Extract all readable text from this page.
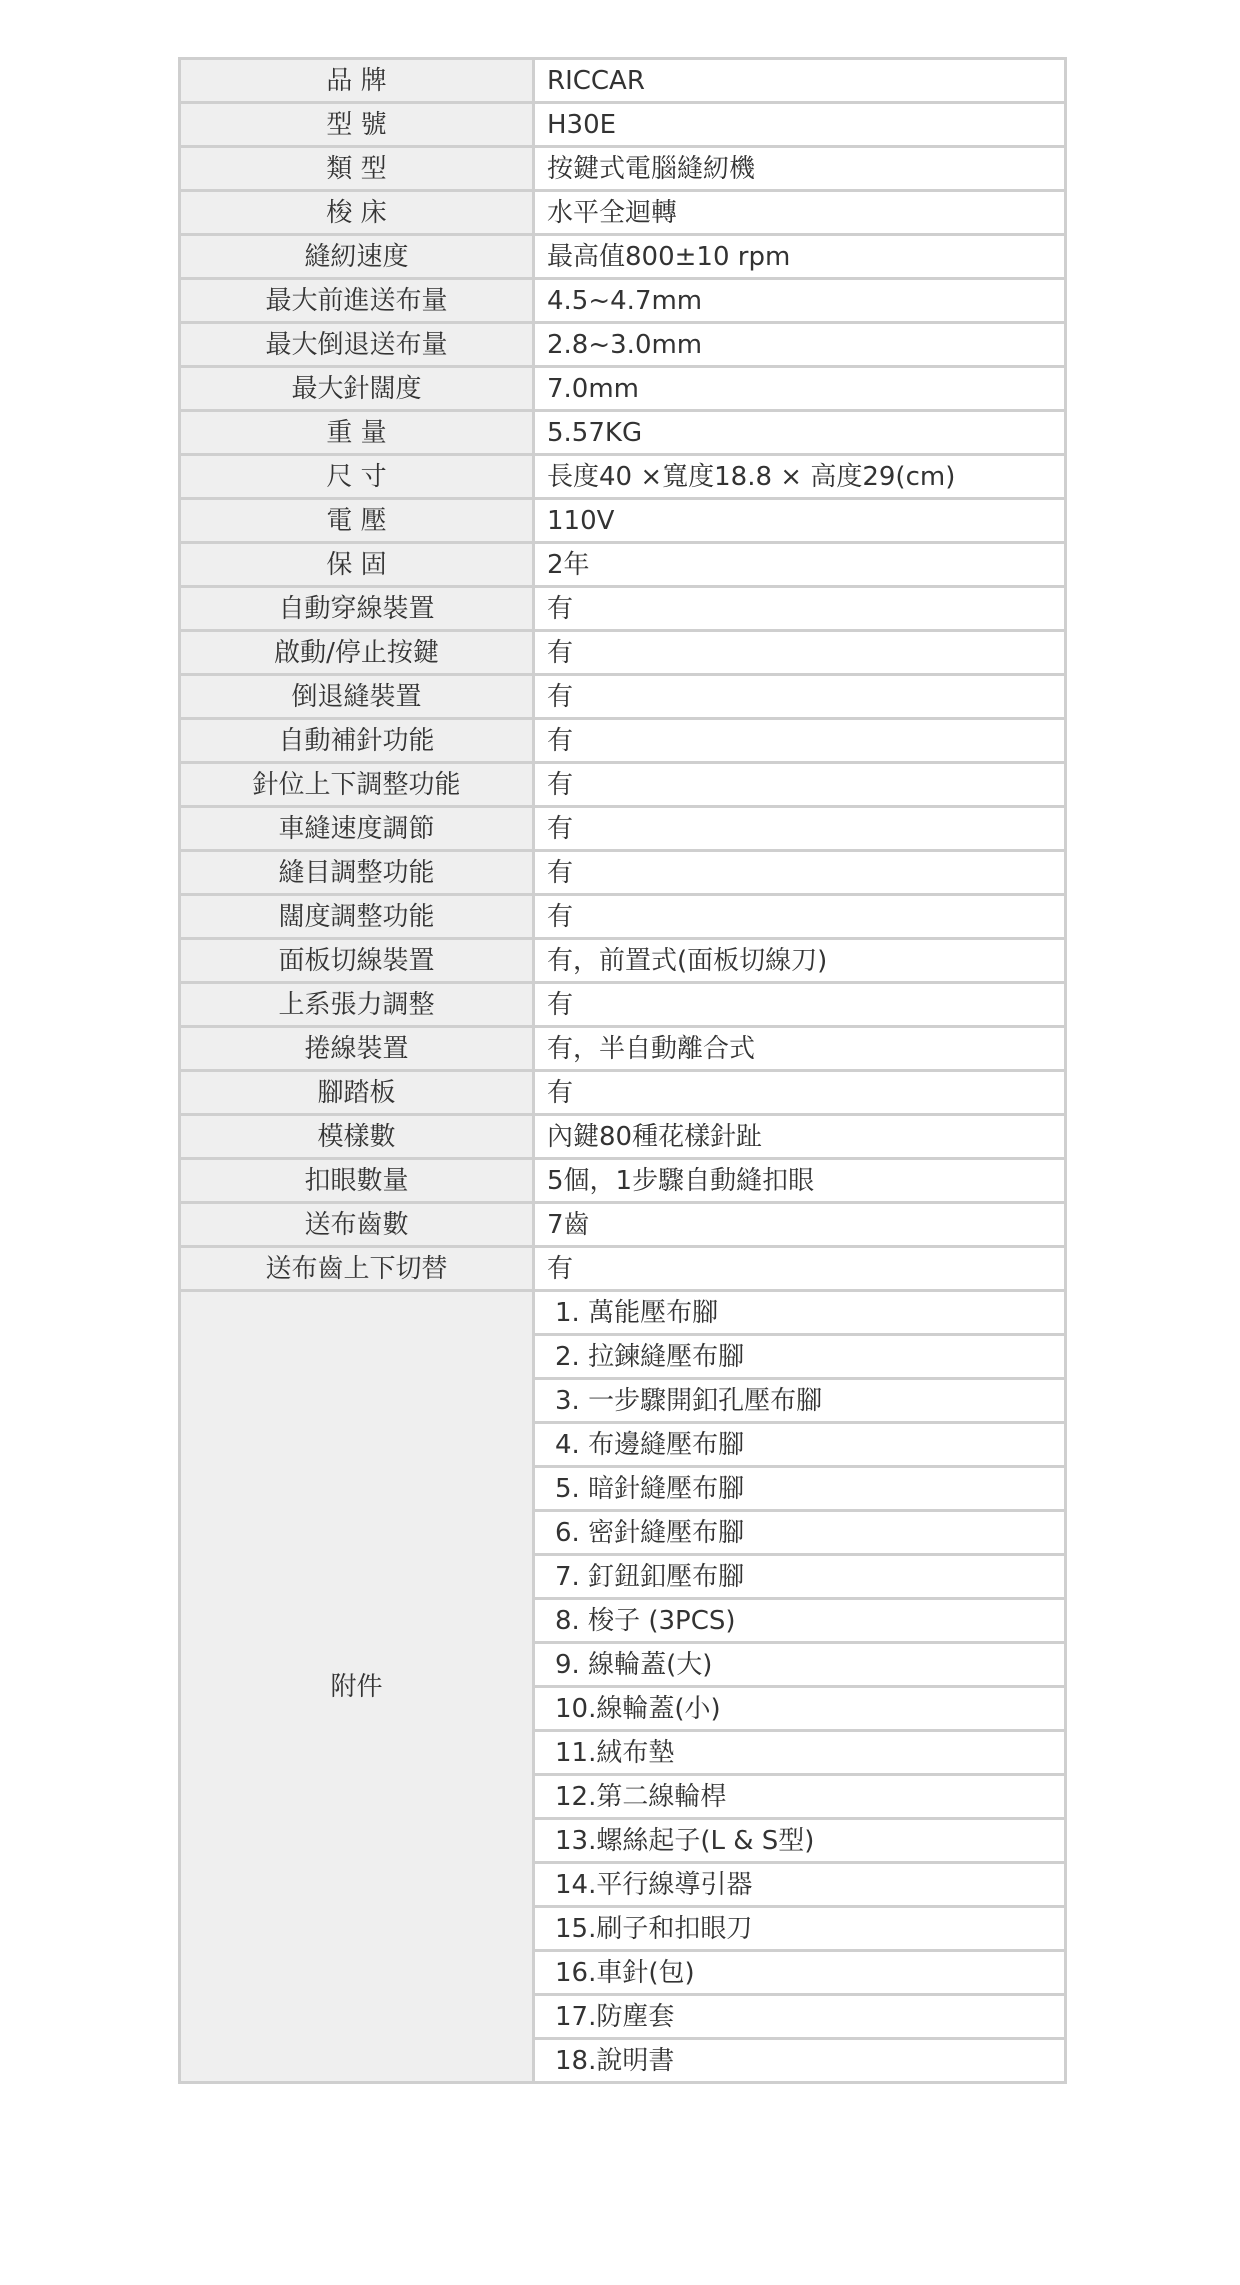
品 牌	RICCAR
型 號	H30E
類 型	按鍵式電腦縫紉機
梭 床	水平全迴轉
縫紉速度	最高值800±10 rpm
最大前進送布量	4.5~4.7mm
最大倒退送布量	2.8~3.0mm
最大針闊度	7.0mm
重 量	5.57KG
尺 寸	長度40 ×寬度18.8 × 高度29(cm)
電 壓	110V
保 固	2年
自動穿線裝置	有
啟動/停止按鍵	有
倒退縫裝置	有
自動補針功能	有
針位上下調整功能	有
車縫速度調節	有
縫目調整功能	有
闊度調整功能	有
面板切線裝置	有，前置式(面板切線刀)
上系張力調整	有
捲線裝置	有，半自動離合式
腳踏板	有
模樣數	內鍵80種花樣針趾
扣眼數量	5個，1步驟自動縫扣眼
送布齒數	7齒
送布齒上下切替	有
附件	1. 萬能壓布腳
	2. 拉鍊縫壓布腳
	3. 一步驟開釦孔壓布腳
	4. 布邊縫壓布腳
	5. 暗針縫壓布腳
	6. 密針縫壓布腳
	7. 釘鈕釦壓布腳
	8. 梭子 (3PCS)
	9. 線輪蓋(大)
	10.線輪蓋(小)
	11.絨布墊
	12.第二線輪桿
	13.螺絲起子(L & S型)
	14.平行線導引器
	15.刷子和扣眼刀
	16.車針(包)
	17.防塵套
	18.說明書
